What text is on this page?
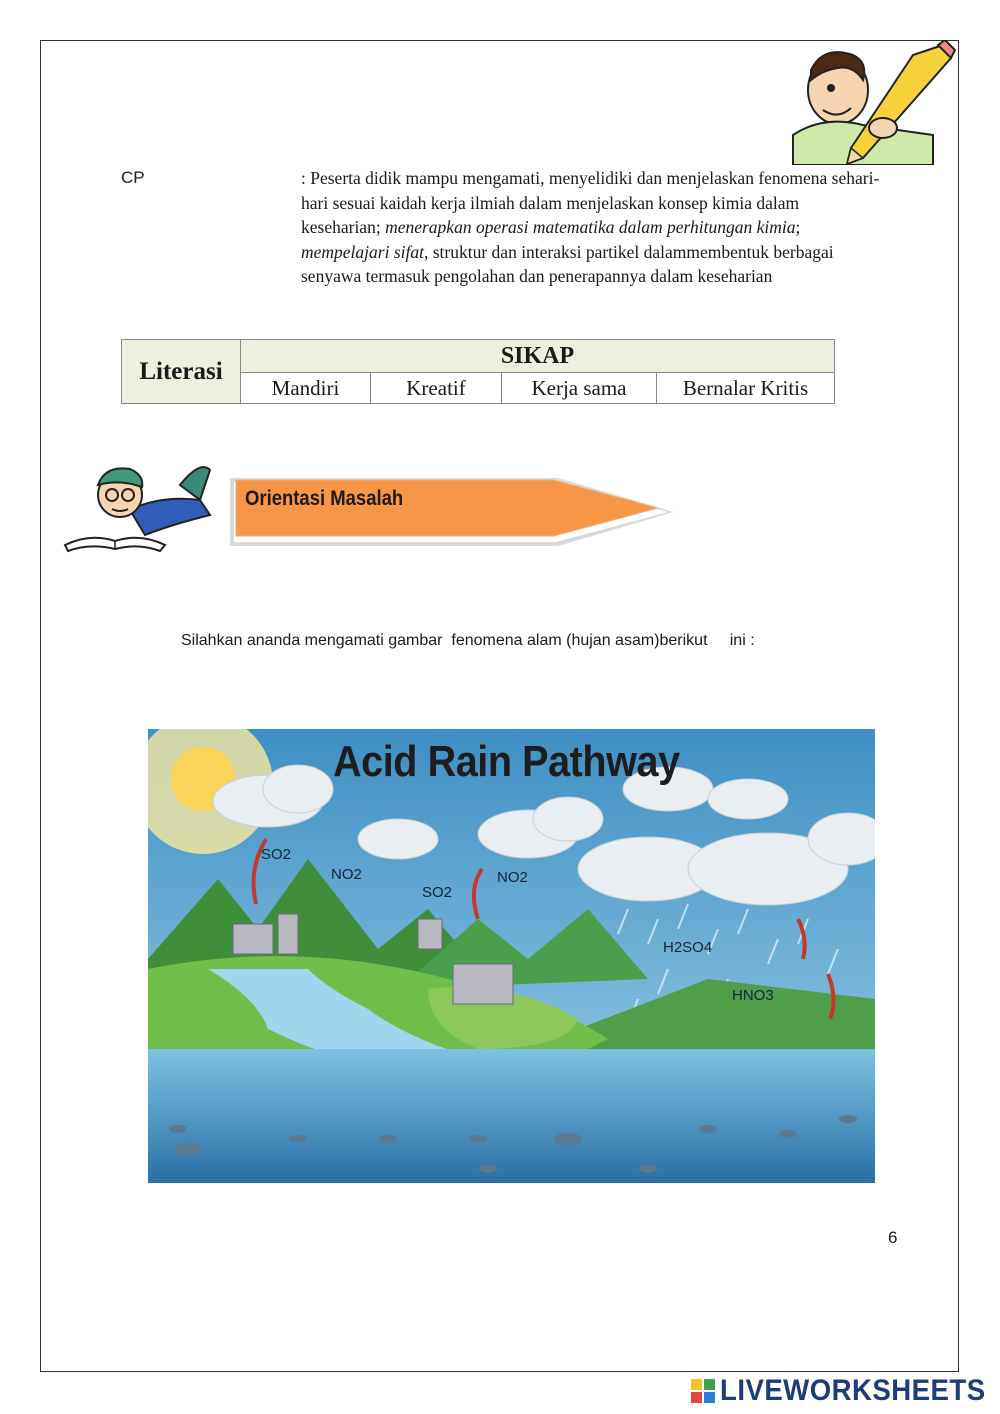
CP	: Peserta didik mampu mengamati, menyelidiki dan menjelaskan fenomena sehari-hari sesuai kaidah kerja ilmiah dalam menjelaskan konsep kimia dalam keseharian; menerapkan operasi matematika dalam perhitungan kimia; mempelajari sifat, struktur dan interaksi partikel dalammembentuk berbagai senyawa termasuk pengolahan dan penerapannya dalam keseharian
Literasi	SIKAP			
	Mandiri	Kreatif	Kerja sama	Bernalar Kritis
Orientasi Masalah
Silahkan ananda mengamati gambar  fenomena alam (hujan asam)berikut     ini :
Acid Rain Pathway
SO2
NO2
SO2
NO2
H2SO4
HNO3
6
LIVEWORKSHEETS
